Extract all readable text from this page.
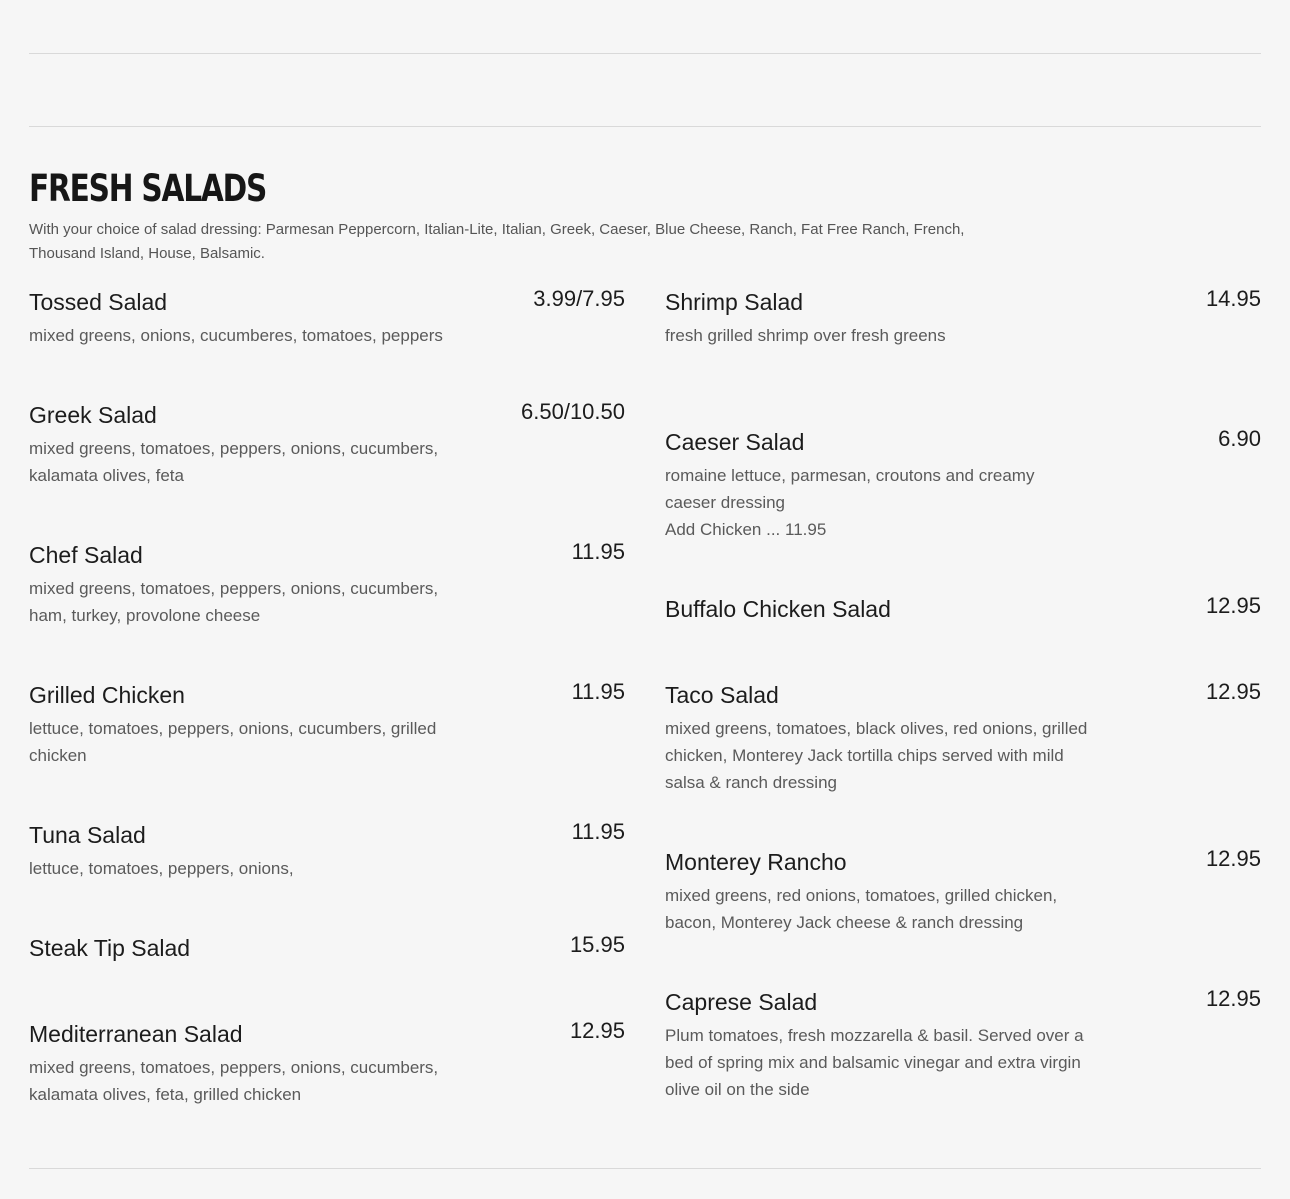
FRESH SALADS
With your choice of salad dressing: Parmesan Peppercorn, Italian-Lite, Italian, Greek, Caeser, Blue Cheese, Ranch, Fat Free Ranch, French, Thousand Island, House, Balsamic.
Tossed Salad	3.99/7.95
mixed greens, onions, cucumberes, tomatoes, peppers
Greek Salad	6.50/10.50
mixed greens, tomatoes, peppers, onions, cucumbers, kalamata olives, feta
Chef Salad	11.95
mixed greens, tomatoes, peppers, onions, cucumbers, ham, turkey, provolone cheese
Grilled Chicken	11.95
lettuce, tomatoes, peppers, onions, cucumbers, grilled chicken
Tuna Salad	11.95
lettuce, tomatoes, peppers, onions,
Steak Tip Salad	15.95
Mediterranean Salad	12.95
mixed greens, tomatoes, peppers, onions, cucumbers, kalamata olives, feta, grilled chicken
Shrimp Salad	14.95
fresh grilled shrimp over fresh greens
Caeser Salad	6.90
romaine lettuce, parmesan, croutons and creamy caeser dressing
Add Chicken ... 11.95
Buffalo Chicken Salad	12.95
Taco Salad	12.95
mixed greens, tomatoes, black olives, red onions, grilled chicken, Monterey Jack tortilla chips served with mild salsa & ranch dressing
Monterey Rancho	12.95
mixed greens, red onions, tomatoes, grilled chicken, bacon, Monterey Jack cheese & ranch dressing
Caprese Salad	12.95
Plum tomatoes, fresh mozzarella & basil. Served over a bed of spring mix and balsamic vinegar and extra virgin olive oil on the side
